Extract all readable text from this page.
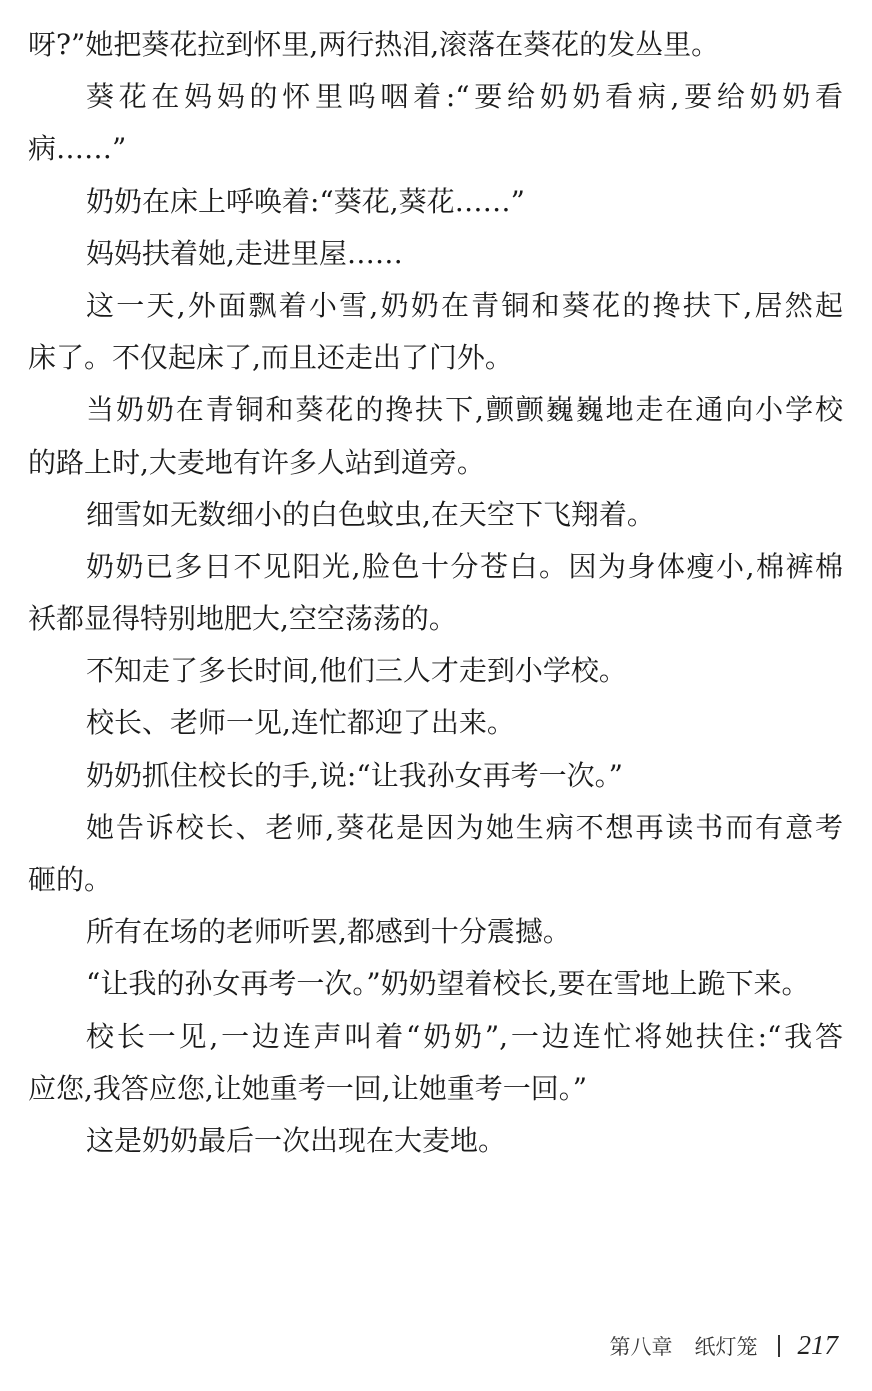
呀?”她把葵花拉到怀里,两行热泪,滚落在葵花的发丛里。
葵花在妈妈的怀里呜咽着:“要给奶奶看病,要给奶奶看
病……”
奶奶在床上呼唤着:“葵花,葵花……”
妈妈扶着她,走进里屋……
这一天,外面飘着小雪,奶奶在青铜和葵花的搀扶下,居然起
床了。不仅起床了,而且还走出了门外。
当奶奶在青铜和葵花的搀扶下,颤颤巍巍地走在通向小学校
的路上时,大麦地有许多人站到道旁。
细雪如无数细小的白色蚊虫,在天空下飞翔着。
奶奶已多日不见阳光,脸色十分苍白。因为身体瘦小,棉裤棉
袄都显得特别地肥大,空空荡荡的。
不知走了多长时间,他们三人才走到小学校。
校长、老师一见,连忙都迎了出来。
奶奶抓住校长的手,说:“让我孙女再考一次。”
她告诉校长、老师,葵花是因为她生病不想再读书而有意考
砸的。
所有在场的老师听罢,都感到十分震撼。
“让我的孙女再考一次。”奶奶望着校长,要在雪地上跪下来。
校长一见,一边连声叫着“奶奶”,一边连忙将她扶住:“我答
应您,我答应您,让她重考一回,让她重考一回。”
这是奶奶最后一次出现在大麦地。
第八章 纸灯笼 217
